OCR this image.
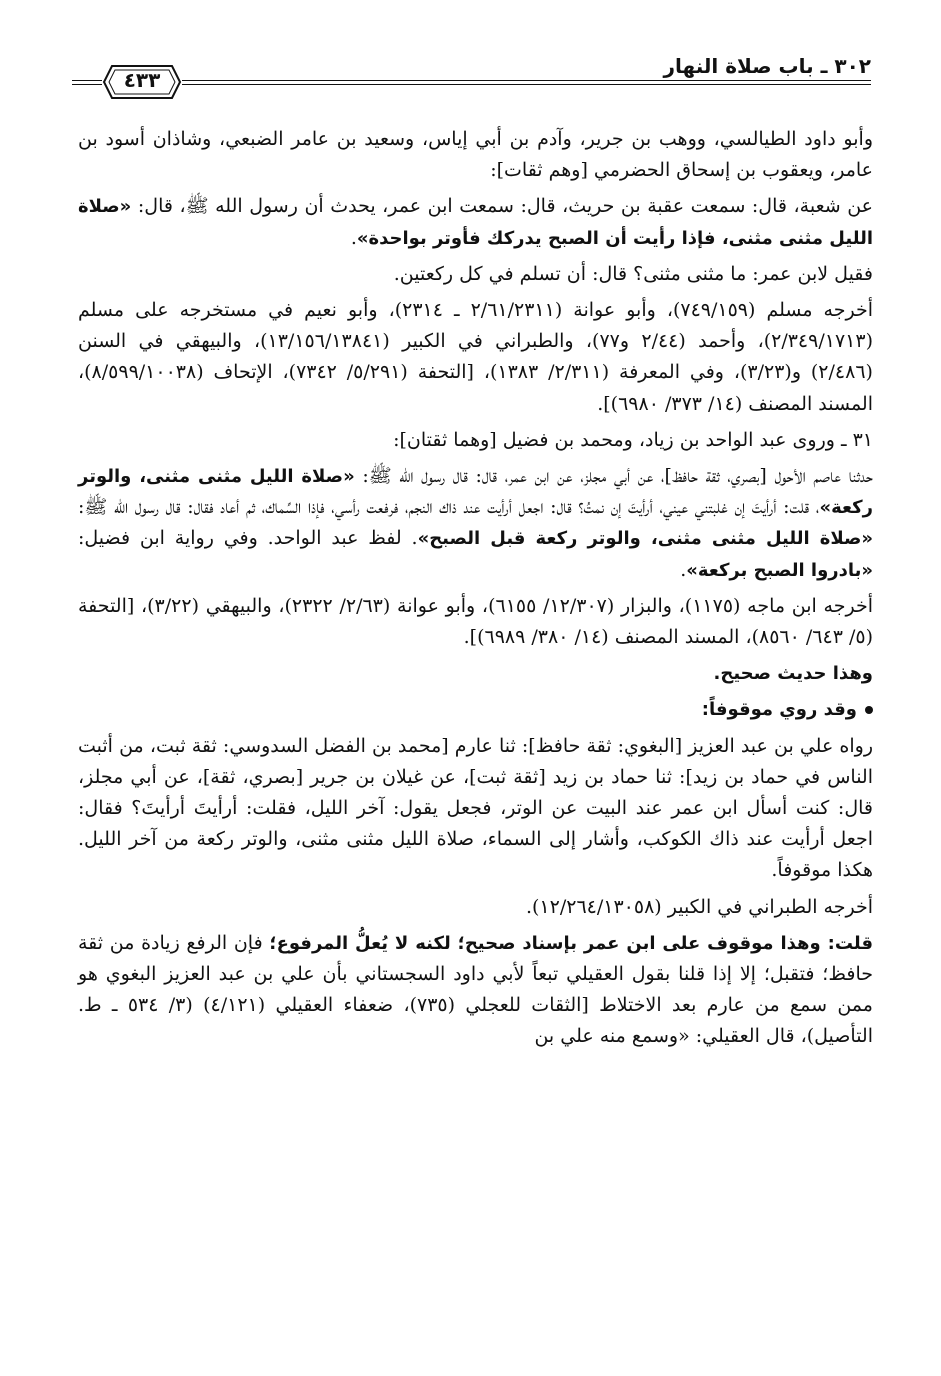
٣٠٢ ـ باب صلاة النهار
٤٣٣

وأبو داود الطيالسي، ووهب بن جرير، وآدم بن أبي إياس، وسعيد بن عامر الضبعي، وشاذان أسود بن عامر، ويعقوب بن إسحاق الحضرمي [وهم ثقات]:

عن شعبة، قال: سمعت عقبة بن حريث، قال: سمعت ابن عمر، يحدث أن رسول الله ﷺ، قال: «صلاة الليل مثنى مثنى، فإذا رأيت أن الصبح يدركك فأوتر بواحدة».

فقيل لابن عمر: ما مثنى مثنى؟ قال: أن تسلم في كل ركعتين.

أخرجه مسلم (٧٤٩/١٥٩)، وأبو عوانة (٢/٦١/٢٣١١ ـ ٢٣١٤)، وأبو نعيم في مستخرجه على مسلم (٢/٣٤٩/١٧١٣)، وأحمد (٢/٤٤ و٧٧)، والطبراني في الكبير (١٣/١٥٦/١٣٨٤١)، والبيهقي في السنن (٢/٤٨٦) و(٣/٢٣)، وفي المعرفة (٢/٣١١/ ١٣٨٣)، [التحفة (٥/٢٩١/ ٧٣٤٢)، الإتحاف (٨/٥٩٩/١٠٠٣٨)، المسند المصنف (١٤/ ٣٧٣/ ٦٩٨٠)].

٣١ ـ وروى عبد الواحد بن زياد، ومحمد بن فضيل [وهما ثقتان]:

حدثنا عاصم الأحول [بصري، ثقة حافظ]، عن أبي مجلز، عن ابن عمر، قال: قال رسول الله ﷺ: «صلاة الليل مثنى مثنى، والوتر ركعة»، قلت: أرأيتَ إن غلبتني عيني، أرأيتَ إن نمتُ؟ قال: اجعل أرأيت عند ذاك النجم، فرفعت رأسي، فإذا السِّماك، ثم أعاد فقال: قال رسول الله ﷺ: «صلاة الليل مثنى مثنى، والوتر ركعة قبل الصبح». لفظ عبد الواحد. وفي رواية ابن فضيل: «بادروا الصبح بركعة».

أخرجه ابن ماجه (١١٧٥)، والبزار (١٢/٣٠٧/ ٦١٥٥)، وأبو عوانة (٢/٦٣/ ٢٣٢٢)، والبيهقي (٣/٢٢)، [التحفة (٥/ ٦٤٣/ ٨٥٦٠)، المسند المصنف (١٤/ ٣٨٠/ ٦٩٨٩)].

وهذا حديث صحيح.

وقد روي موقوفاً:

رواه علي بن عبد العزيز [البغوي: ثقة حافظ]: ثنا عارم [محمد بن الفضل السدوسي: ثقة ثبت، من أثبت الناس في حماد بن زيد]: ثنا حماد بن زيد [ثقة ثبت]، عن غيلان بن جرير [بصري، ثقة]، عن أبي مجلز، قال: كنت أسأل ابن عمر عند البيت عن الوتر، فجعل يقول: آخر الليل، فقلت: أرأيتَ أرأيتَ؟ فقال: اجعل أرأيت عند ذاك الكوكب، وأشار إلى السماء، صلاة الليل مثنى مثنى، والوتر ركعة من آخر الليل. هكذا موقوفاً.

أخرجه الطبراني في الكبير (١٢/٢٦٤/١٣٠٥٨).

قلت: وهذا موقوف على ابن عمر بإسناد صحيح؛ لكنه لا يُعلُّ المرفوع؛ فإن الرفع زيادة من ثقة حافظ؛ فتقبل؛ إلا إذا قلنا بقول العقيلي تبعاً لأبي داود السجستاني بأن علي بن عبد العزيز البغوي هو ممن سمع من عارم بعد الاختلاط [الثقات للعجلي (٧٣٥)، ضعفاء العقيلي (٤/١٢١) (٣/ ٥٣٤ ـ ط. التأصيل)، قال العقيلي: «وسمع منه علي بن
